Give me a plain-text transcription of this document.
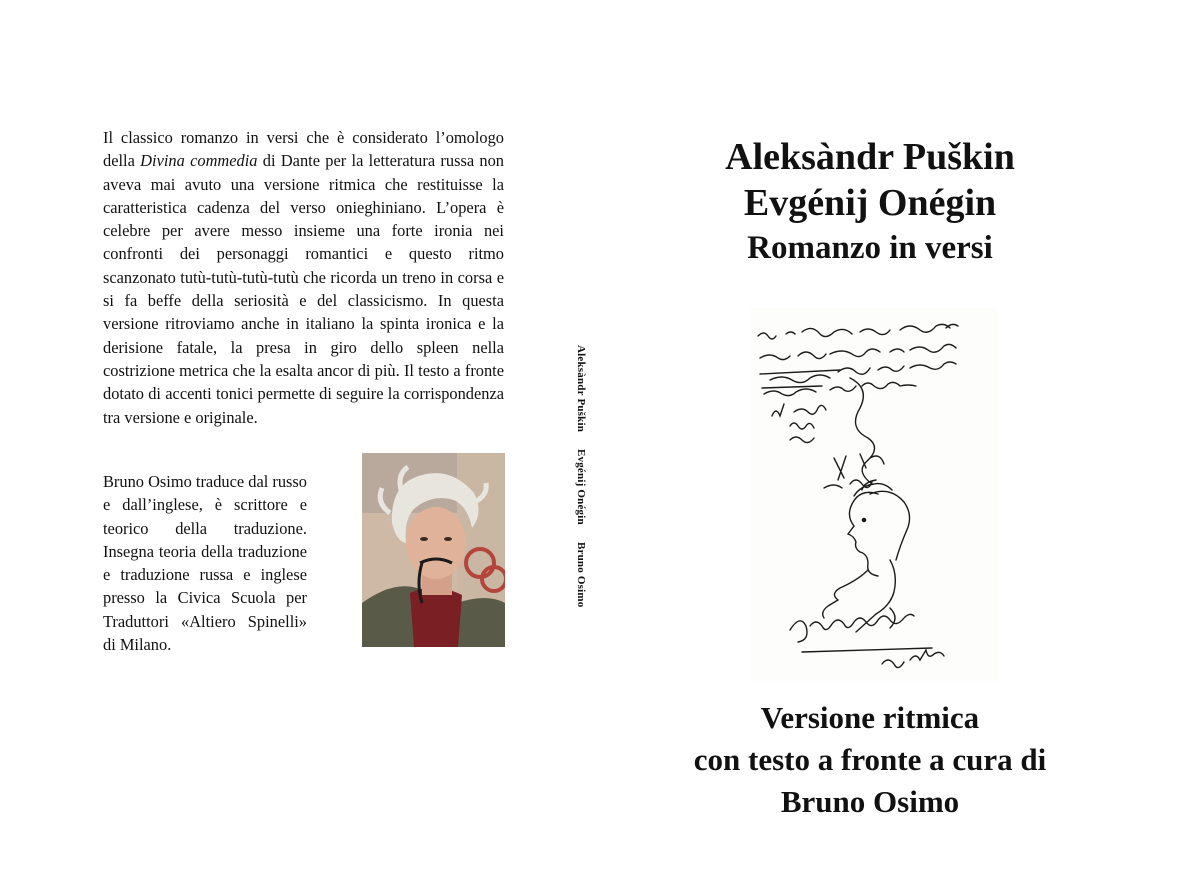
Il classico romanzo in versi che è considerato l’omologo della Divina commedia di Dante per la letteratura russa non aveva mai avuto una versione ritmica che restituisse la caratteristica cadenza del verso onieghiniano. L’opera è celebre per avere messo insieme una forte ironia nei confronti dei personaggi romantici e questo ritmo scanzonato tutù-tutù-tutù-tutù che ricorda un treno in corsa e si fa beffe della seriosità e del classicismo. In questa versione ritroviamo anche in italiano la spinta ironica e la derisione fatale, la presa in giro dello spleen nella costrizione metrica che la esalta ancor di più. Il testo a fronte dotato di accenti tonici permette di seguire la corrispondenza tra versione e originale.

Bruno Osimo traduce dal russo e dall’inglese, è scrittore e teorico della traduzione. Insegna teoria della traduzione e traduzione russa e inglese presso la Civica Scuola per Traduttori «Altiero Spinelli» di Milano.

Aleksàndr Puškin Evgénij Onégin Bruno Osimo
Aleksàndr Puškin
Evgénij Onégin
Romanzo in versi
Versione ritmica
con testo a fronte a cura di
Bruno Osimo
